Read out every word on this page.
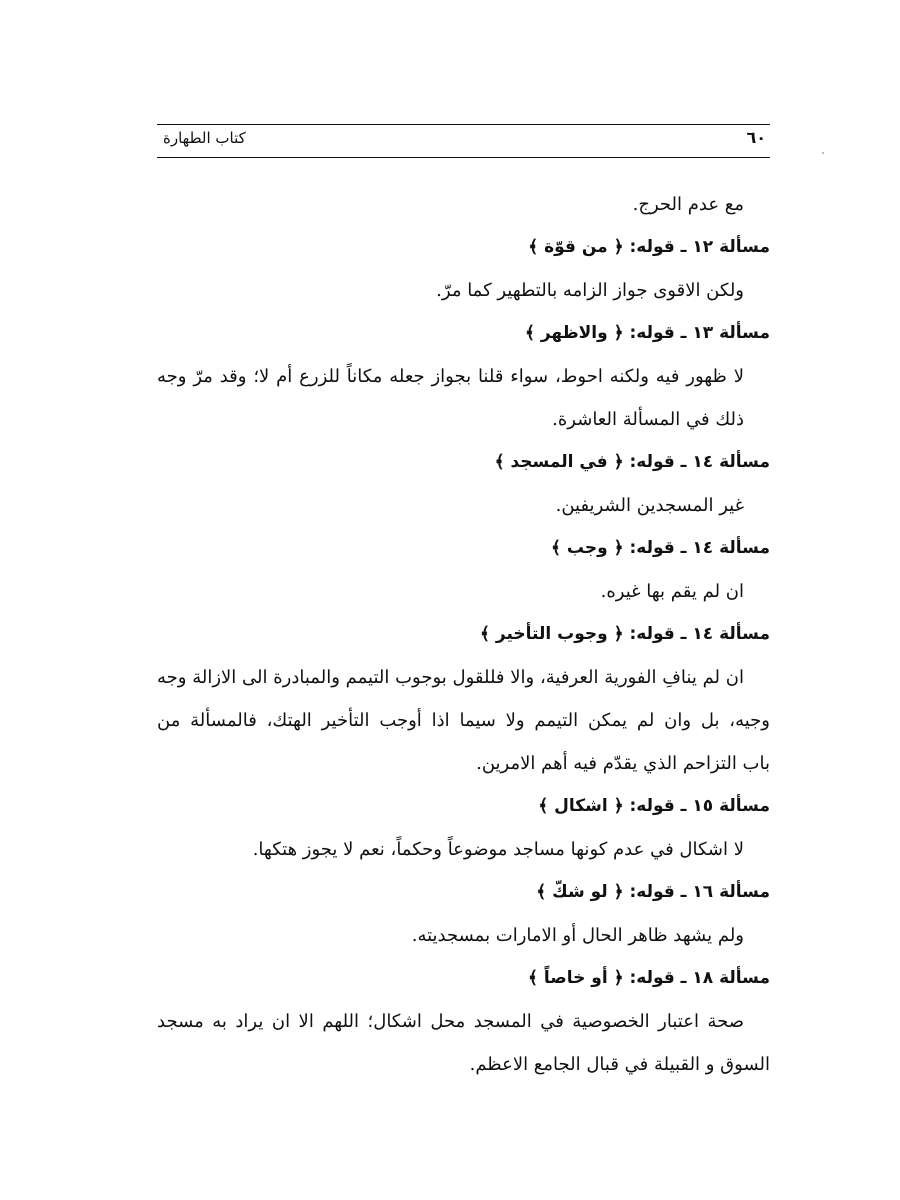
كتاب الطهارة	٦٠
مع عدم الحرج.
مسألة ١٢ ـ قوله: ﴿ من قوّة ﴾
ولكن الاقوى جواز الزامه بالتطهير كما مرّ.
مسألة ١٣ ـ قوله: ﴿ والاظهر ﴾
لا ظهور فيه ولكنه احوط، سواء قلنا بجواز جعله مكاناً للزرع أم لا؛ وقد مرّ وجه
ذلك في المسألة العاشرة.
مسألة ١٤ ـ قوله: ﴿ في المسجد ﴾
غير المسجدين الشريفين.
مسألة ١٤ ـ قوله: ﴿ وجب ﴾
ان لم يقم بها غيره.
مسألة ١٤ ـ قوله: ﴿ وجوب التأخير ﴾
ان لم ينافِ الفورية العرفية، والا فللقول بوجوب التيمم والمبادرة الى الازالة وجه
وجيه، بل وان لم يمكن التيمم ولا سيما اذا أوجب التأخير الهتك، فالمسألة من
باب التزاحم الذي يقدّم فيه أهم الامرين.
مسألة ١٥ ـ قوله: ﴿ اشكال ﴾
لا اشكال في عدم كونها مساجد موضوعاً وحكماً، نعم لا يجوز هتكها.
مسألة ١٦ ـ قوله: ﴿ لو شكّ ﴾
ولم يشهد ظاهر الحال أو الامارات بمسجديته.
مسألة ١٨ ـ قوله: ﴿ أو خاصاً ﴾
صحة اعتبار الخصوصية في المسجد محل اشكال؛ اللهم الا ان يراد به مسجد
السوق و القبيلة في قبال الجامع الاعظم.
